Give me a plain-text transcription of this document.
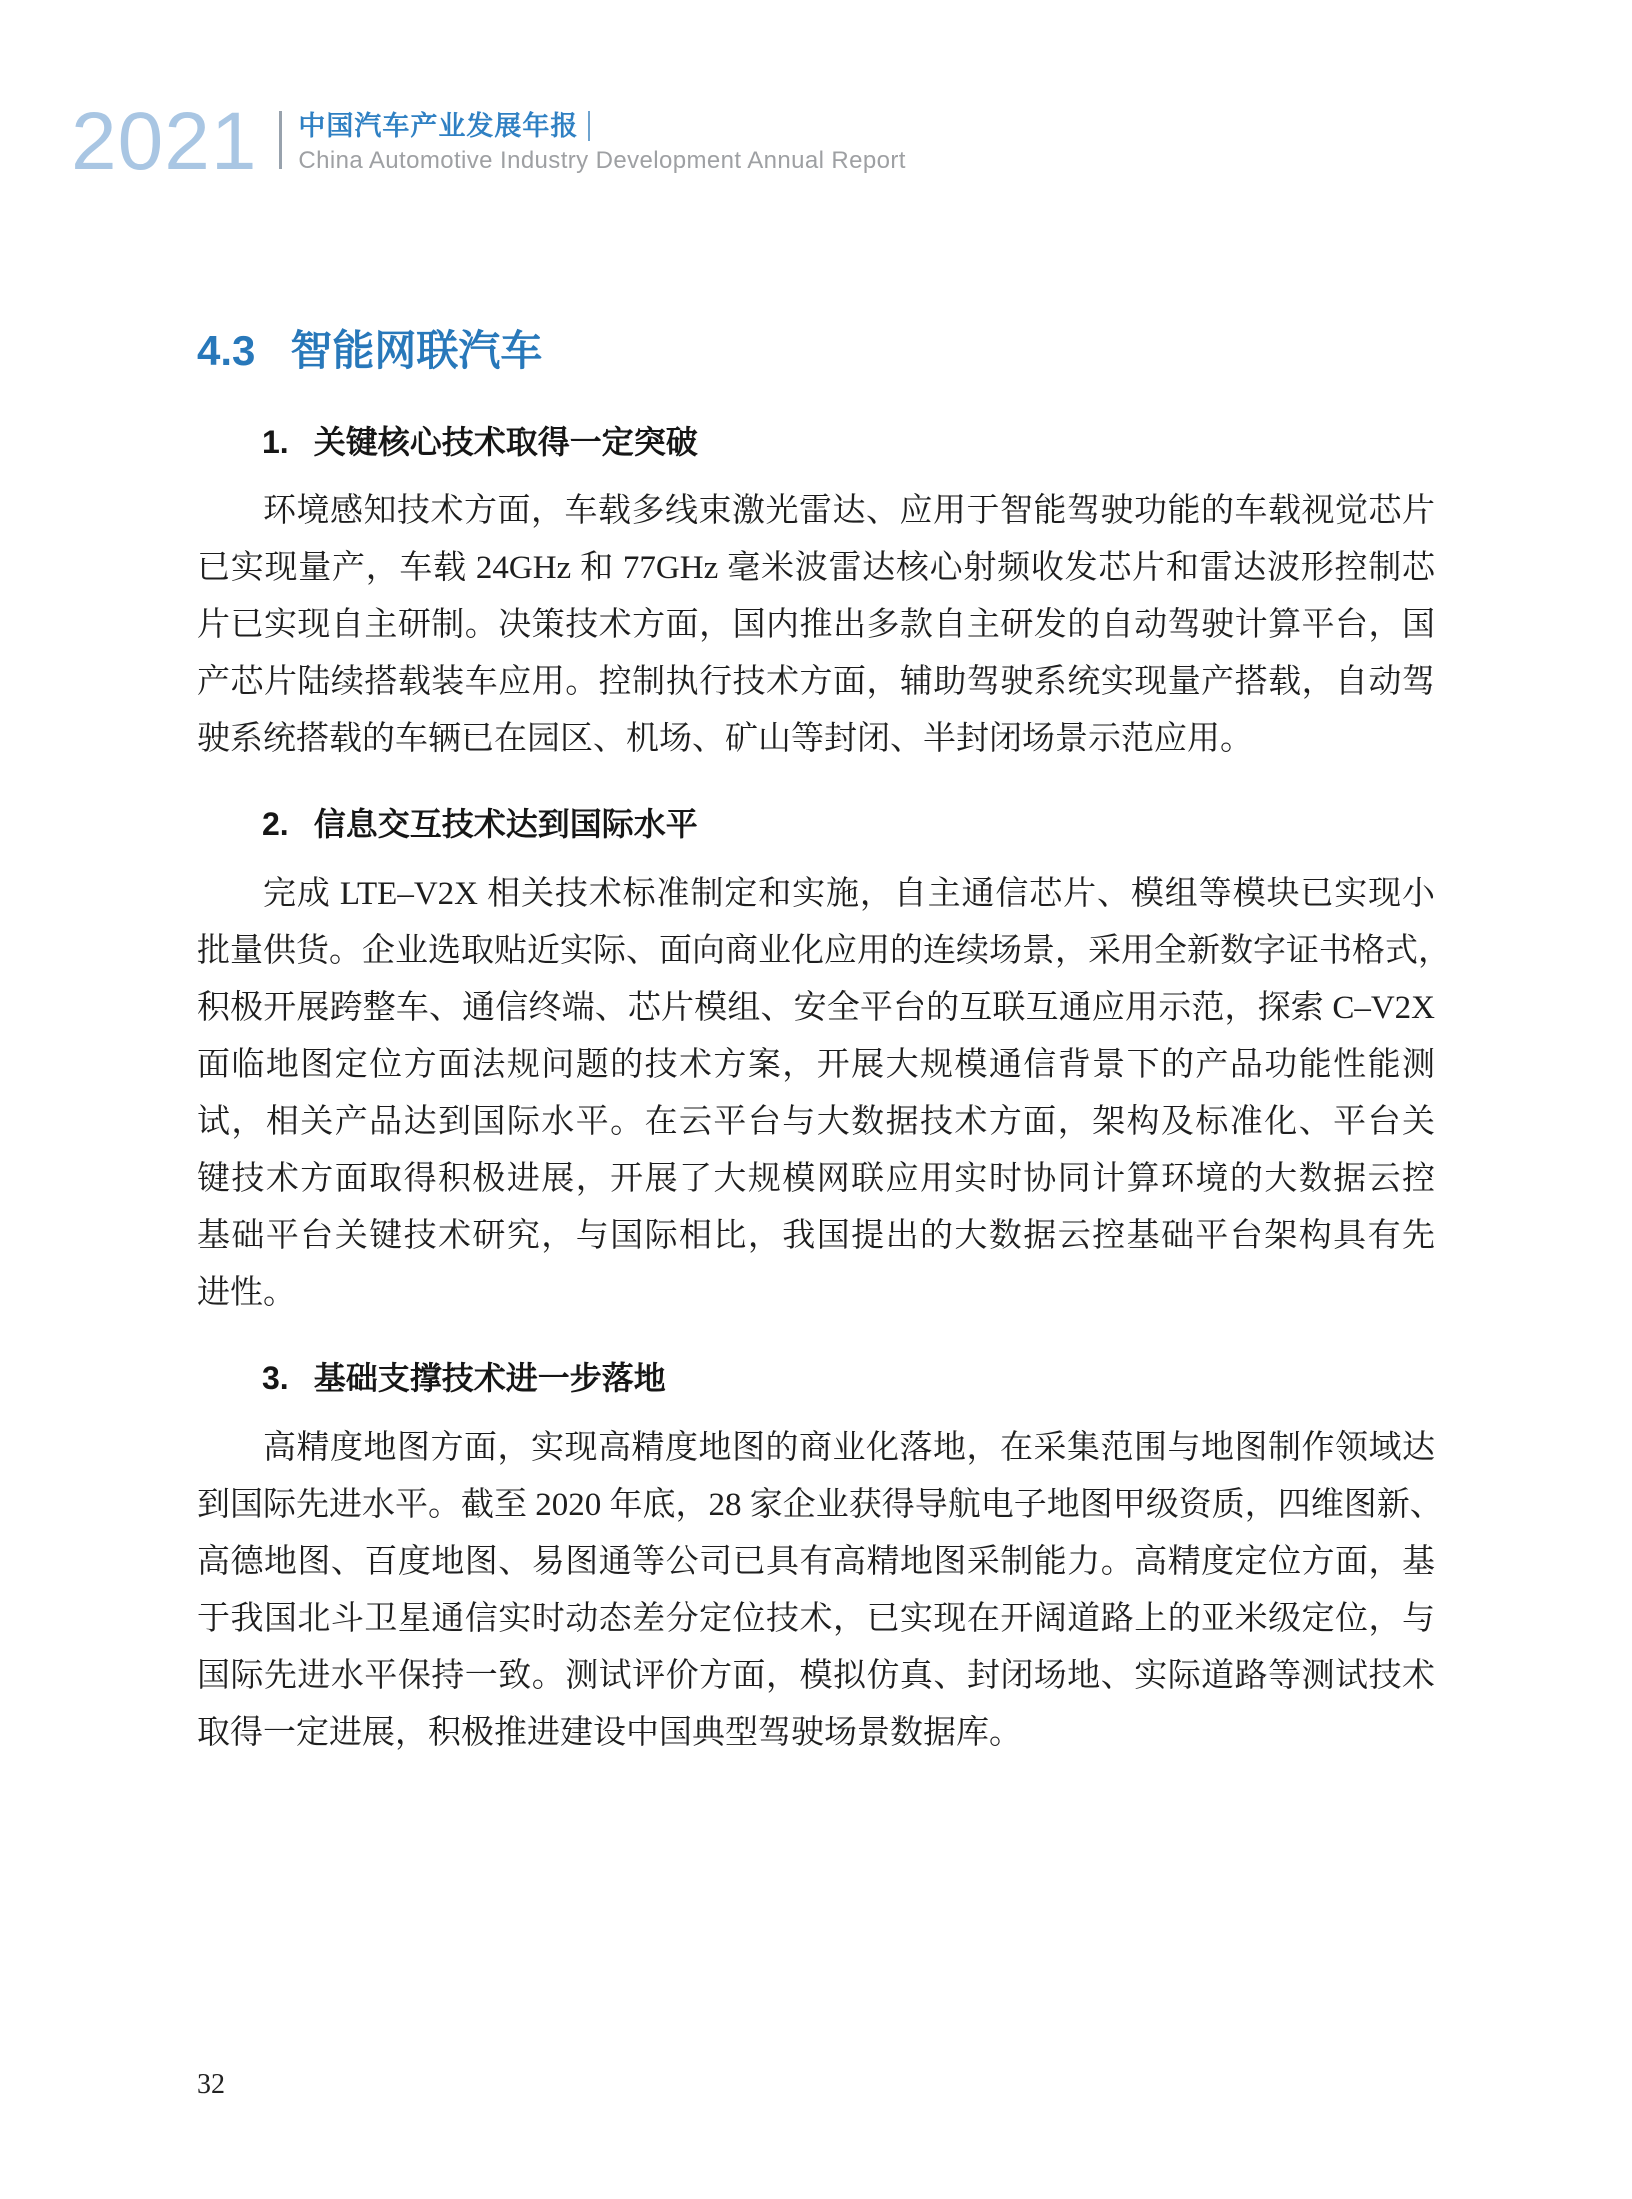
2021 中国汽车产业发展年报
China Automotive Industry Development Annual Report
4.3 智能网联汽车
1. 关键核心技术取得一定突破
环境感知技术方面，车载多线束激光雷达、应用于智能驾驶功能的车载视觉芯片
已实现量产，车载 24GHz 和 77GHz 毫米波雷达核心射频收发芯片和雷达波形控制芯
片已实现自主研制。决策技术方面，国内推出多款自主研发的自动驾驶计算平台，国
产芯片陆续搭载装车应用。控制执行技术方面，辅助驾驶系统实现量产搭载，自动驾
驶系统搭载的车辆已在园区、机场、矿山等封闭、半封闭场景示范应用。
2. 信息交互技术达到国际水平
完成 LTE–V2X 相关技术标准制定和实施，自主通信芯片、模组等模块已实现小
批量供货。企业选取贴近实际、面向商业化应用的连续场景，采用全新数字证书格式，
积极开展跨整车、通信终端、芯片模组、安全平台的互联互通应用示范，探索 C–V2X
面临地图定位方面法规问题的技术方案，开展大规模通信背景下的产品功能性能测
试，相关产品达到国际水平。在云平台与大数据技术方面，架构及标准化、平台关
键技术方面取得积极进展，开展了大规模网联应用实时协同计算环境的大数据云控
基础平台关键技术研究，与国际相比，我国提出的大数据云控基础平台架构具有先
进性。
3. 基础支撑技术进一步落地
高精度地图方面，实现高精度地图的商业化落地，在采集范围与地图制作领域达
到国际先进水平。截至 2020 年底，28 家企业获得导航电子地图甲级资质，四维图新、
高德地图、百度地图、易图通等公司已具有高精地图采制能力。高精度定位方面，基
于我国北斗卫星通信实时动态差分定位技术，已实现在开阔道路上的亚米级定位，与
国际先进水平保持一致。测试评价方面，模拟仿真、封闭场地、实际道路等测试技术
取得一定进展，积极推进建设中国典型驾驶场景数据库。
32
